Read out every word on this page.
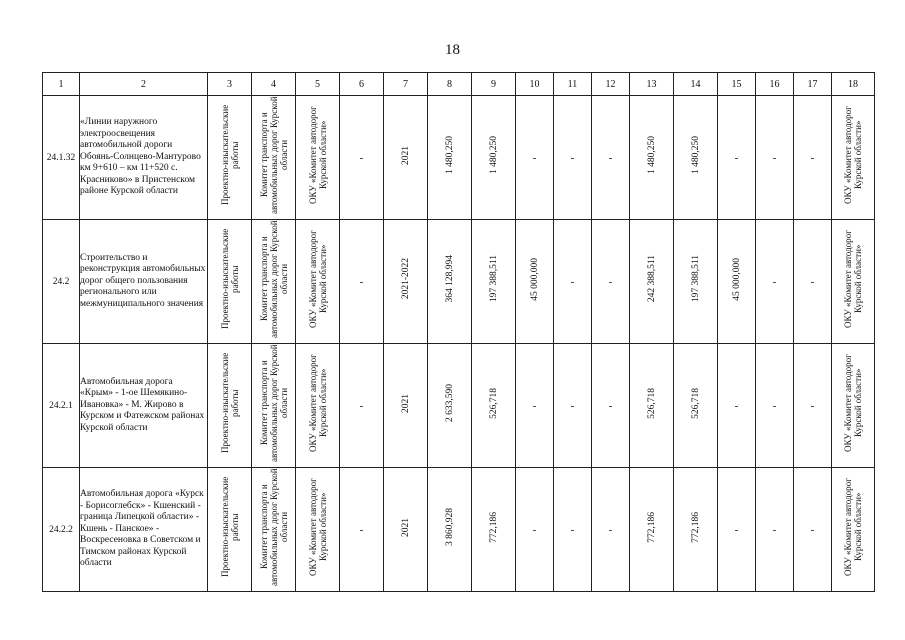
18
1	2	3	4	5	6	7	8	9	10	11	12	13	14	15	16	17	18
24.1.32	«Линии наружного электроосвещения автомобильной дороги Обоянь-Солнцево-Мантурово км 9+610 – км 11+520 с. Красниково» в Пристенском районе Курской области	Проектно-изыскательские работы	Комитет транспорта и автомобильных дорог Курской области	ОКУ «Комитет автодорог Курской области»	-	2021	1 480,250	1 480,250	-	-	-	1 480,250	1 480,250	-	-	-	ОКУ «Комитет автодорог Курской области»
24.2	Строительство и реконструкция автомобильных дорог общего пользования регионального или межмуниципального значения	Проектно-изыскательские работы	Комитет транспорта и автомобильных дорог Курской области	ОКУ «Комитет автодорог Курской области»	-	2021-2022	364 128,994	197 388,511	45 000,000	-	-	242 388,511	197 388,511	45 000,000	-	-	ОКУ «Комитет автодорог Курской области»
24.2.1	Автомобильная дорога «Крым» - 1-ое Шемякино-Ивановка» - М. Жирово в Курском и Фатежском районах Курской области	Проектно-изыскательские работы	Комитет транспорта и автомобильных дорог Курской области	ОКУ «Комитет автодорог Курской области»	-	2021	2 633,590	526,718	-	-	-	526,718	526,718	-	-	-	ОКУ «Комитет автодорог Курской области»
24.2.2	Автомобильная дорога «Курск - Борисоглебск» - Кшенский - граница Липецкой области» - Кшень - Панское» - Воскресеновка в Советском и Тимском районах Курской области	Проектно-изыскательские работы	Комитет транспорта и автомобильных дорог Курской области	ОКУ «Комитет автодорог Курской области»	-	2021	3 860,928	772,186	-	-	-	772,186	772,186	-	-	-	ОКУ «Комитет автодорог Курской области»
